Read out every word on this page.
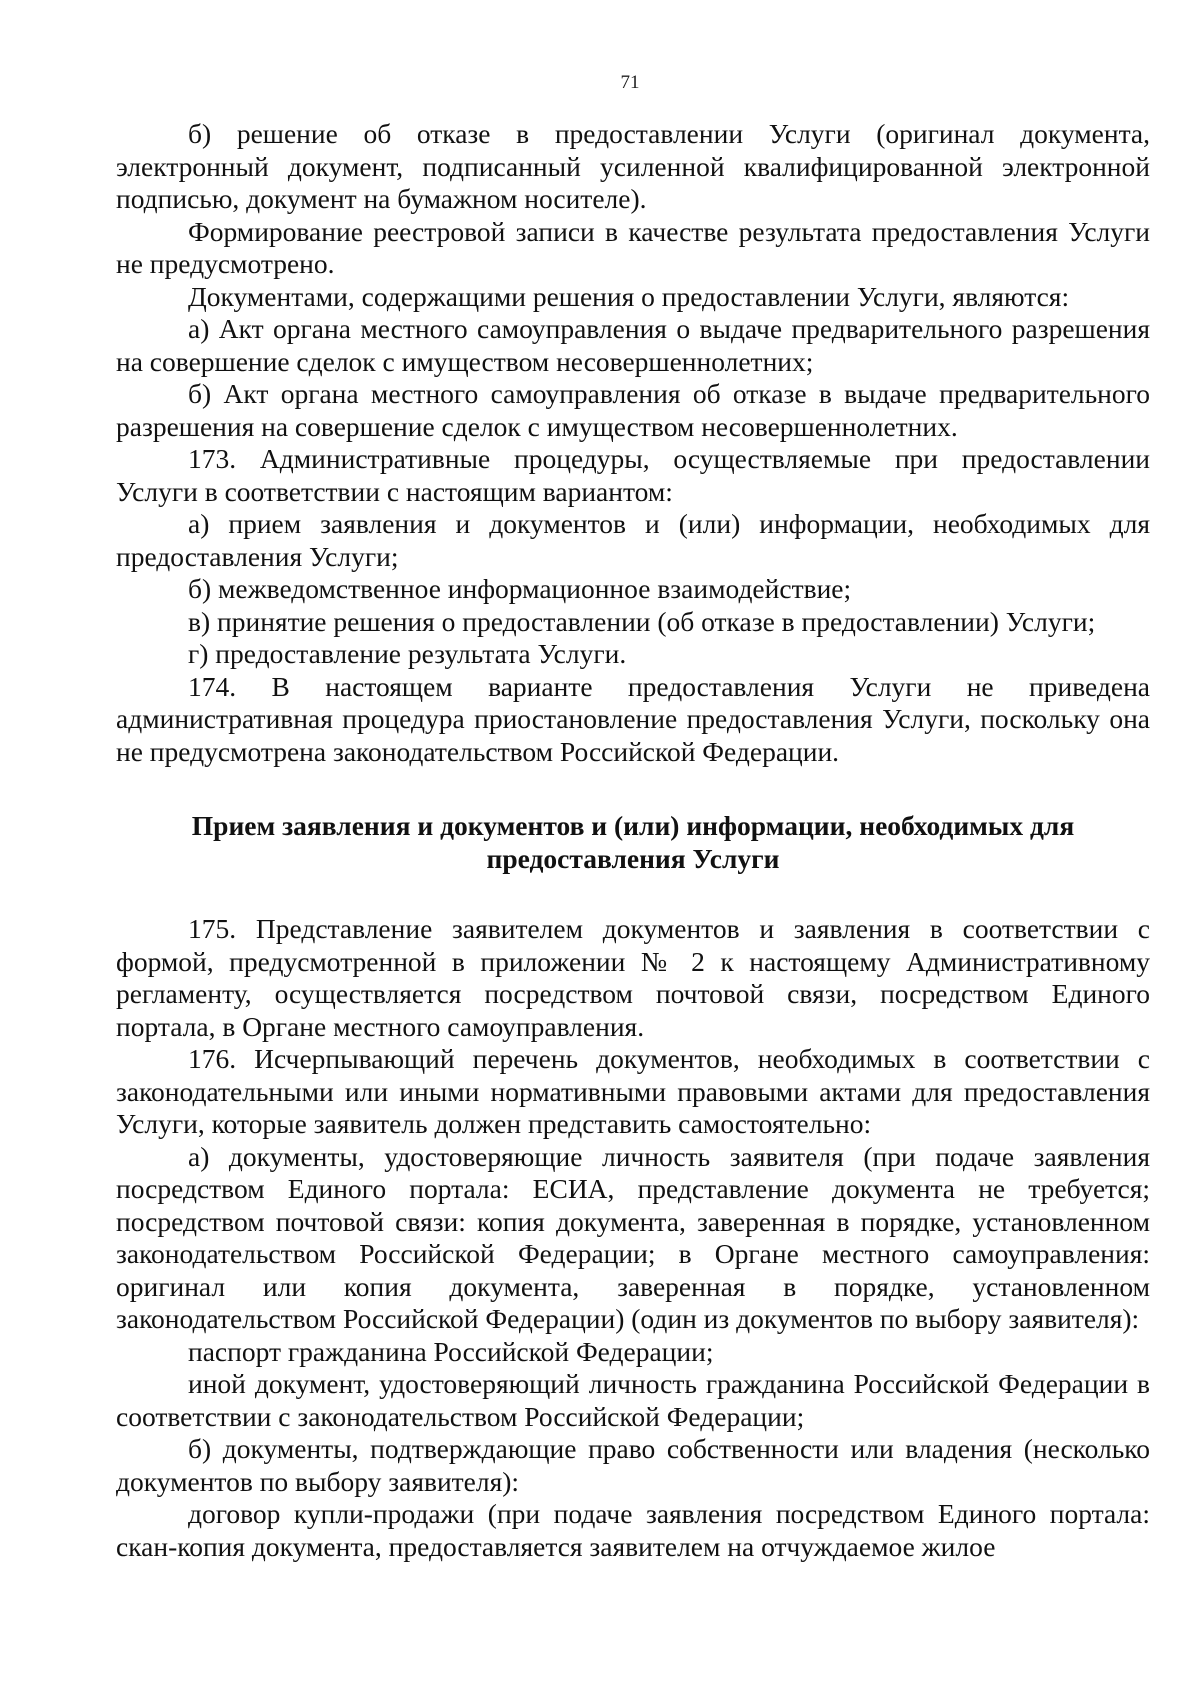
71

б) решение об отказе в предоставлении Услуги (оригинал документа, электронный документ, подписанный усиленной квалифицированной электронной подписью, документ на бумажном носителе).

Формирование реестровой записи в качестве результата предоставления Услуги не предусмотрено.

Документами, содержащими решения о предоставлении Услуги, являются:

а) Акт органа местного самоуправления о выдаче предварительного разрешения на совершение сделок с имуществом несовершеннолетних;

б) Акт органа местного самоуправления об отказе в выдаче предварительного разрешения на совершение сделок с имуществом несовершеннолетних.

173. Административные процедуры, осуществляемые при предоставлении Услуги в соответствии с настоящим вариантом:

а) прием заявления и документов и (или) информации, необходимых для предоставления Услуги;

б) межведомственное информационное взаимодействие;

в) принятие решения о предоставлении (об отказе в предоставлении) Услуги;

г) предоставление результата Услуги.

174. В настоящем варианте предоставления Услуги не приведена административная процедура приостановление предоставления Услуги, поскольку она не предусмотрена законодательством Российской Федерации.

Прием заявления и документов и (или) информации, необходимых для
предоставления Услуги

175. Представление заявителем документов и заявления в соответствии с формой, предусмотренной в приложении № 2 к настоящему Административному регламенту, осуществляется посредством почтовой связи, посредством Единого портала, в Органе местного самоуправления.

176. Исчерпывающий перечень документов, необходимых в соответствии с законодательными или иными нормативными правовыми актами для предоставления Услуги, которые заявитель должен представить самостоятельно:

а) документы, удостоверяющие личность заявителя (при подаче заявления посредством Единого портала: ЕСИА, представление документа не требуется; посредством почтовой связи: копия документа, заверенная в порядке, установленном законодательством Российской Федерации; в Органе местного самоуправления: оригинал или копия документа, заверенная в порядке, установленном законодательством Российской Федерации) (один из документов по выбору заявителя):

паспорт гражданина Российской Федерации;

иной документ, удостоверяющий личность гражданина Российской Федерации в соответствии с законодательством Российской Федерации;

б) документы, подтверждающие право собственности или владения (несколько документов по выбору заявителя):

договор купли-продажи (при подаче заявления посредством Единого портала: скан-копия документа, предоставляется заявителем на отчуждаемое жилое
